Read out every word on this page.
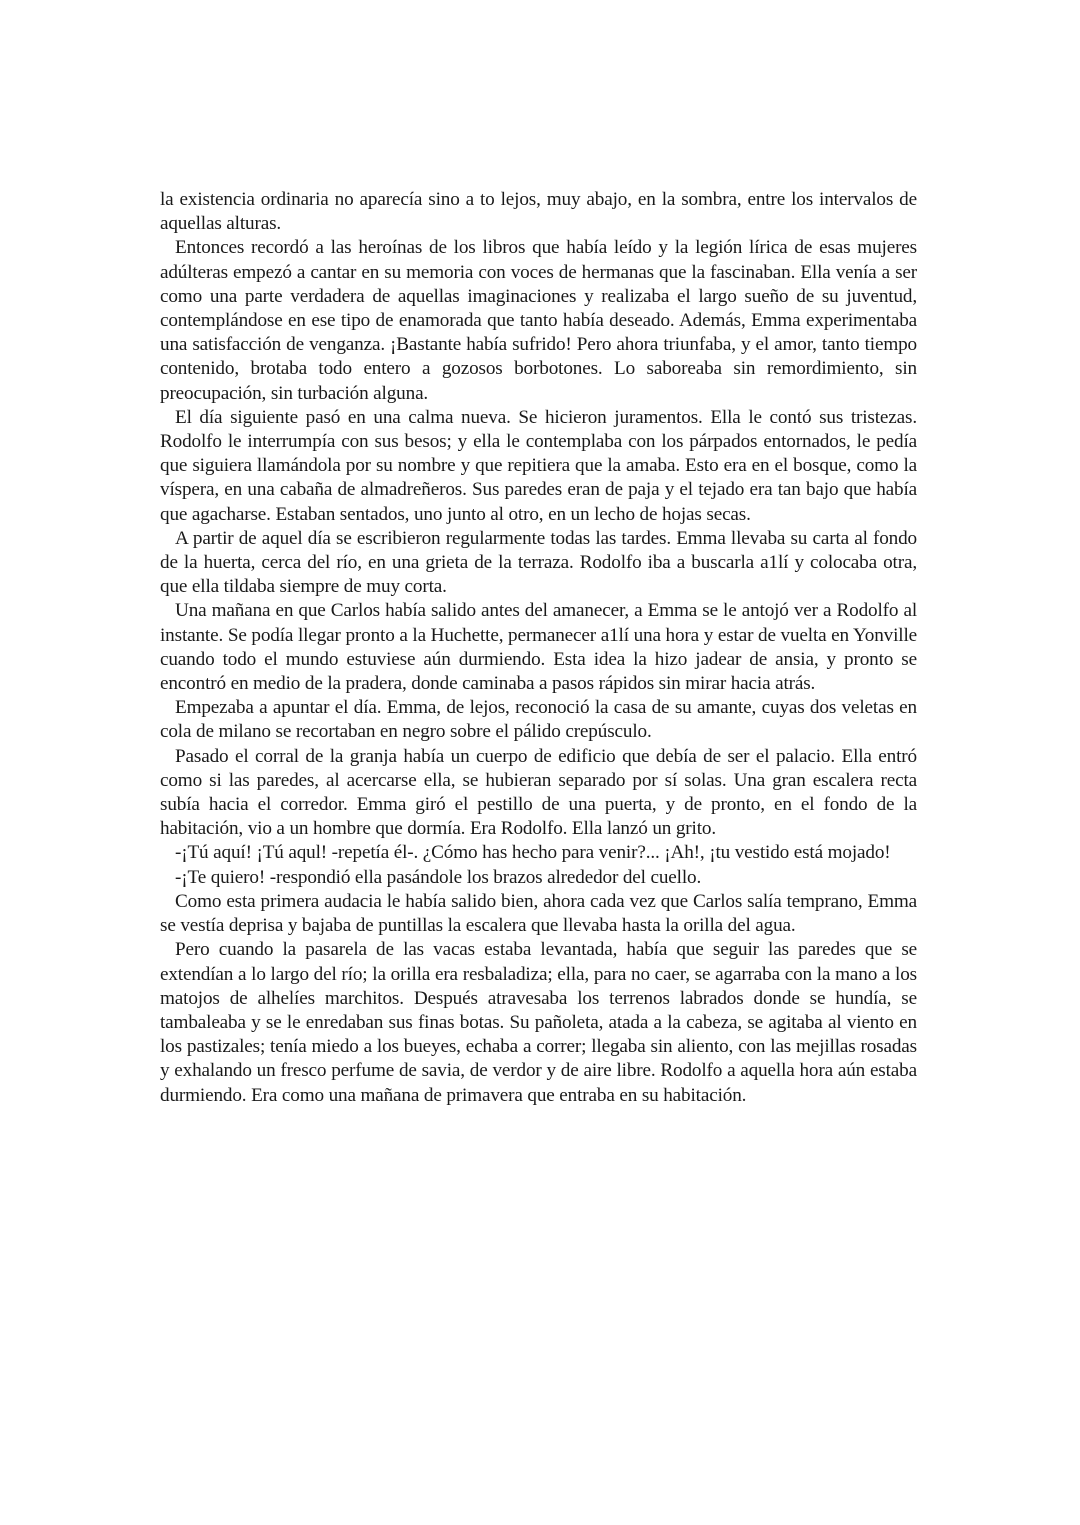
la existencia ordinaria no aparecía sino a to lejos, muy abajo, en la sombra, entre los intervalos de aquellas alturas.

Entonces recordó a las heroínas de los libros que había leído y la legión lírica de esas mujeres adúlteras empezó a cantar en su memoria con voces de hermanas que la fascinaban. Ella venía a ser como una parte verdadera de aquellas imaginaciones y realizaba el largo sueño de su juventud, contemplándose en ese tipo de enamorada que tanto había deseado. Además, Emma experimentaba una satisfacción de venganza. ¡Bastante había sufrido! Pero ahora triunfaba, y el amor, tanto tiempo contenido, brotaba todo entero a gozosos borbotones. Lo saboreaba sin remordimiento, sin preocupación, sin turbación alguna.

El día siguiente pasó en una calma nueva. Se hicieron juramentos. Ella le contó sus tristezas. Rodolfo le interrumpía con sus besos; y ella le contemplaba con los párpados entornados, le pedía que siguiera llamándola por su nombre y que repitiera que la amaba. Esto era en el bosque, como la víspera, en una cabaña de almadreñeros. Sus paredes eran de paja y el tejado era tan bajo que había que agacharse. Estaban sentados, uno junto al otro, en un lecho de hojas secas.

A partir de aquel día se escribieron regularmente todas las tardes. Emma llevaba su carta al fondo de la huerta, cerca del río, en una grieta de la terraza. Rodolfo iba a buscarla a1lí y colocaba otra, que ella tildaba siempre de muy corta.

Una mañana en que Carlos había salido antes del amanecer, a Emma se le antojó ver a Rodolfo al instante. Se podía llegar pronto a la Huchette, permanecer a1lí una hora y estar de vuelta en Yonville cuando todo el mundo estuviese aún durmiendo. Esta idea la hizo jadear de ansia, y pronto se encontró en medio de la pradera, donde caminaba a pasos rápidos sin mirar hacia atrás.

Empezaba a apuntar el día. Emma, de lejos, reconoció la casa de su amante, cuyas dos veletas en cola de milano se recortaban en negro sobre el pálido crepúsculo.

Pasado el corral de la granja había un cuerpo de edificio que debía de ser el palacio. Ella entró como si las paredes, al acercarse ella, se hubieran separado por sí solas. Una gran escalera recta subía hacia el corredor. Emma giró el pestillo de una puerta, y de pronto, en el fondo de la habitación, vio a un hombre que dormía. Era Rodolfo. Ella lanzó un grito.

-¡Tú aquí! ¡Tú aqul! -repetía él-. ¿Cómo has hecho para venir?... ¡Ah!, ¡tu vestido está mojado!

-¡Te quiero! -respondió ella pasándole los brazos alrededor del cuello.

Como esta primera audacia le había salido bien, ahora cada vez que Carlos salía temprano, Emma se vestía deprisa y bajaba de puntillas la escalera que llevaba hasta la orilla del agua.

Pero cuando la pasarela de las vacas estaba levantada, había que seguir las paredes que se extendían a lo largo del río; la orilla era resbaladiza; ella, para no caer, se agarraba con la mano a los matojos de alhelíes marchitos. Después atravesaba los terrenos labrados donde se hundía, se tambaleaba y se le enredaban sus finas botas. Su pañoleta, atada a la cabeza, se agitaba al viento en los pastizales; tenía miedo a los bueyes, echaba a correr; llegaba sin aliento, con las mejillas rosadas y exhalando un fresco perfume de savia, de verdor y de aire libre. Rodolfo a aquella hora aún estaba durmiendo. Era como una mañana de primavera que entraba en su habitación.
